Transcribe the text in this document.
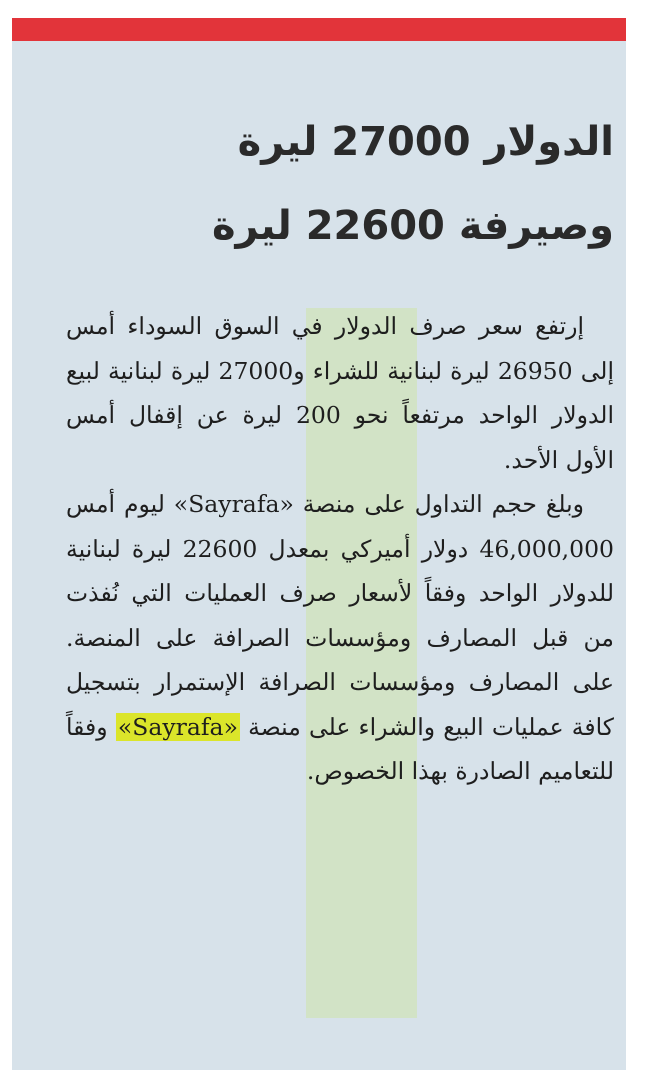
الدولار 27000 ليرة
وصيرفة 22600 ليرة

إرتفع سعر صرف الدولار في السوق السوداء أمس إلى 26950 ليرة لبنانية للشراء و27000 ليرة لبنانية لبيع الدولار الواحد مرتفعاً نحو 200 ليرة عن إقفال أمس الأول الأحد.

وبلغ حجم التداول على منصة «Sayrafa» ليوم أمس 46,000,000 دولار أميركي بمعدل 22600 ليرة لبنانية للدولار الواحد وفقاً لأسعار صرف العمليات التي نُفذت من قبل المصارف ومؤسسات الصرافة على المنصة. على المصارف ومؤسسات الصرافة الإستمرار بتسجيل كافة عمليات البيع والشراء على منصة «Sayrafa» وفقاً للتعاميم الصادرة بهذا الخصوص.
